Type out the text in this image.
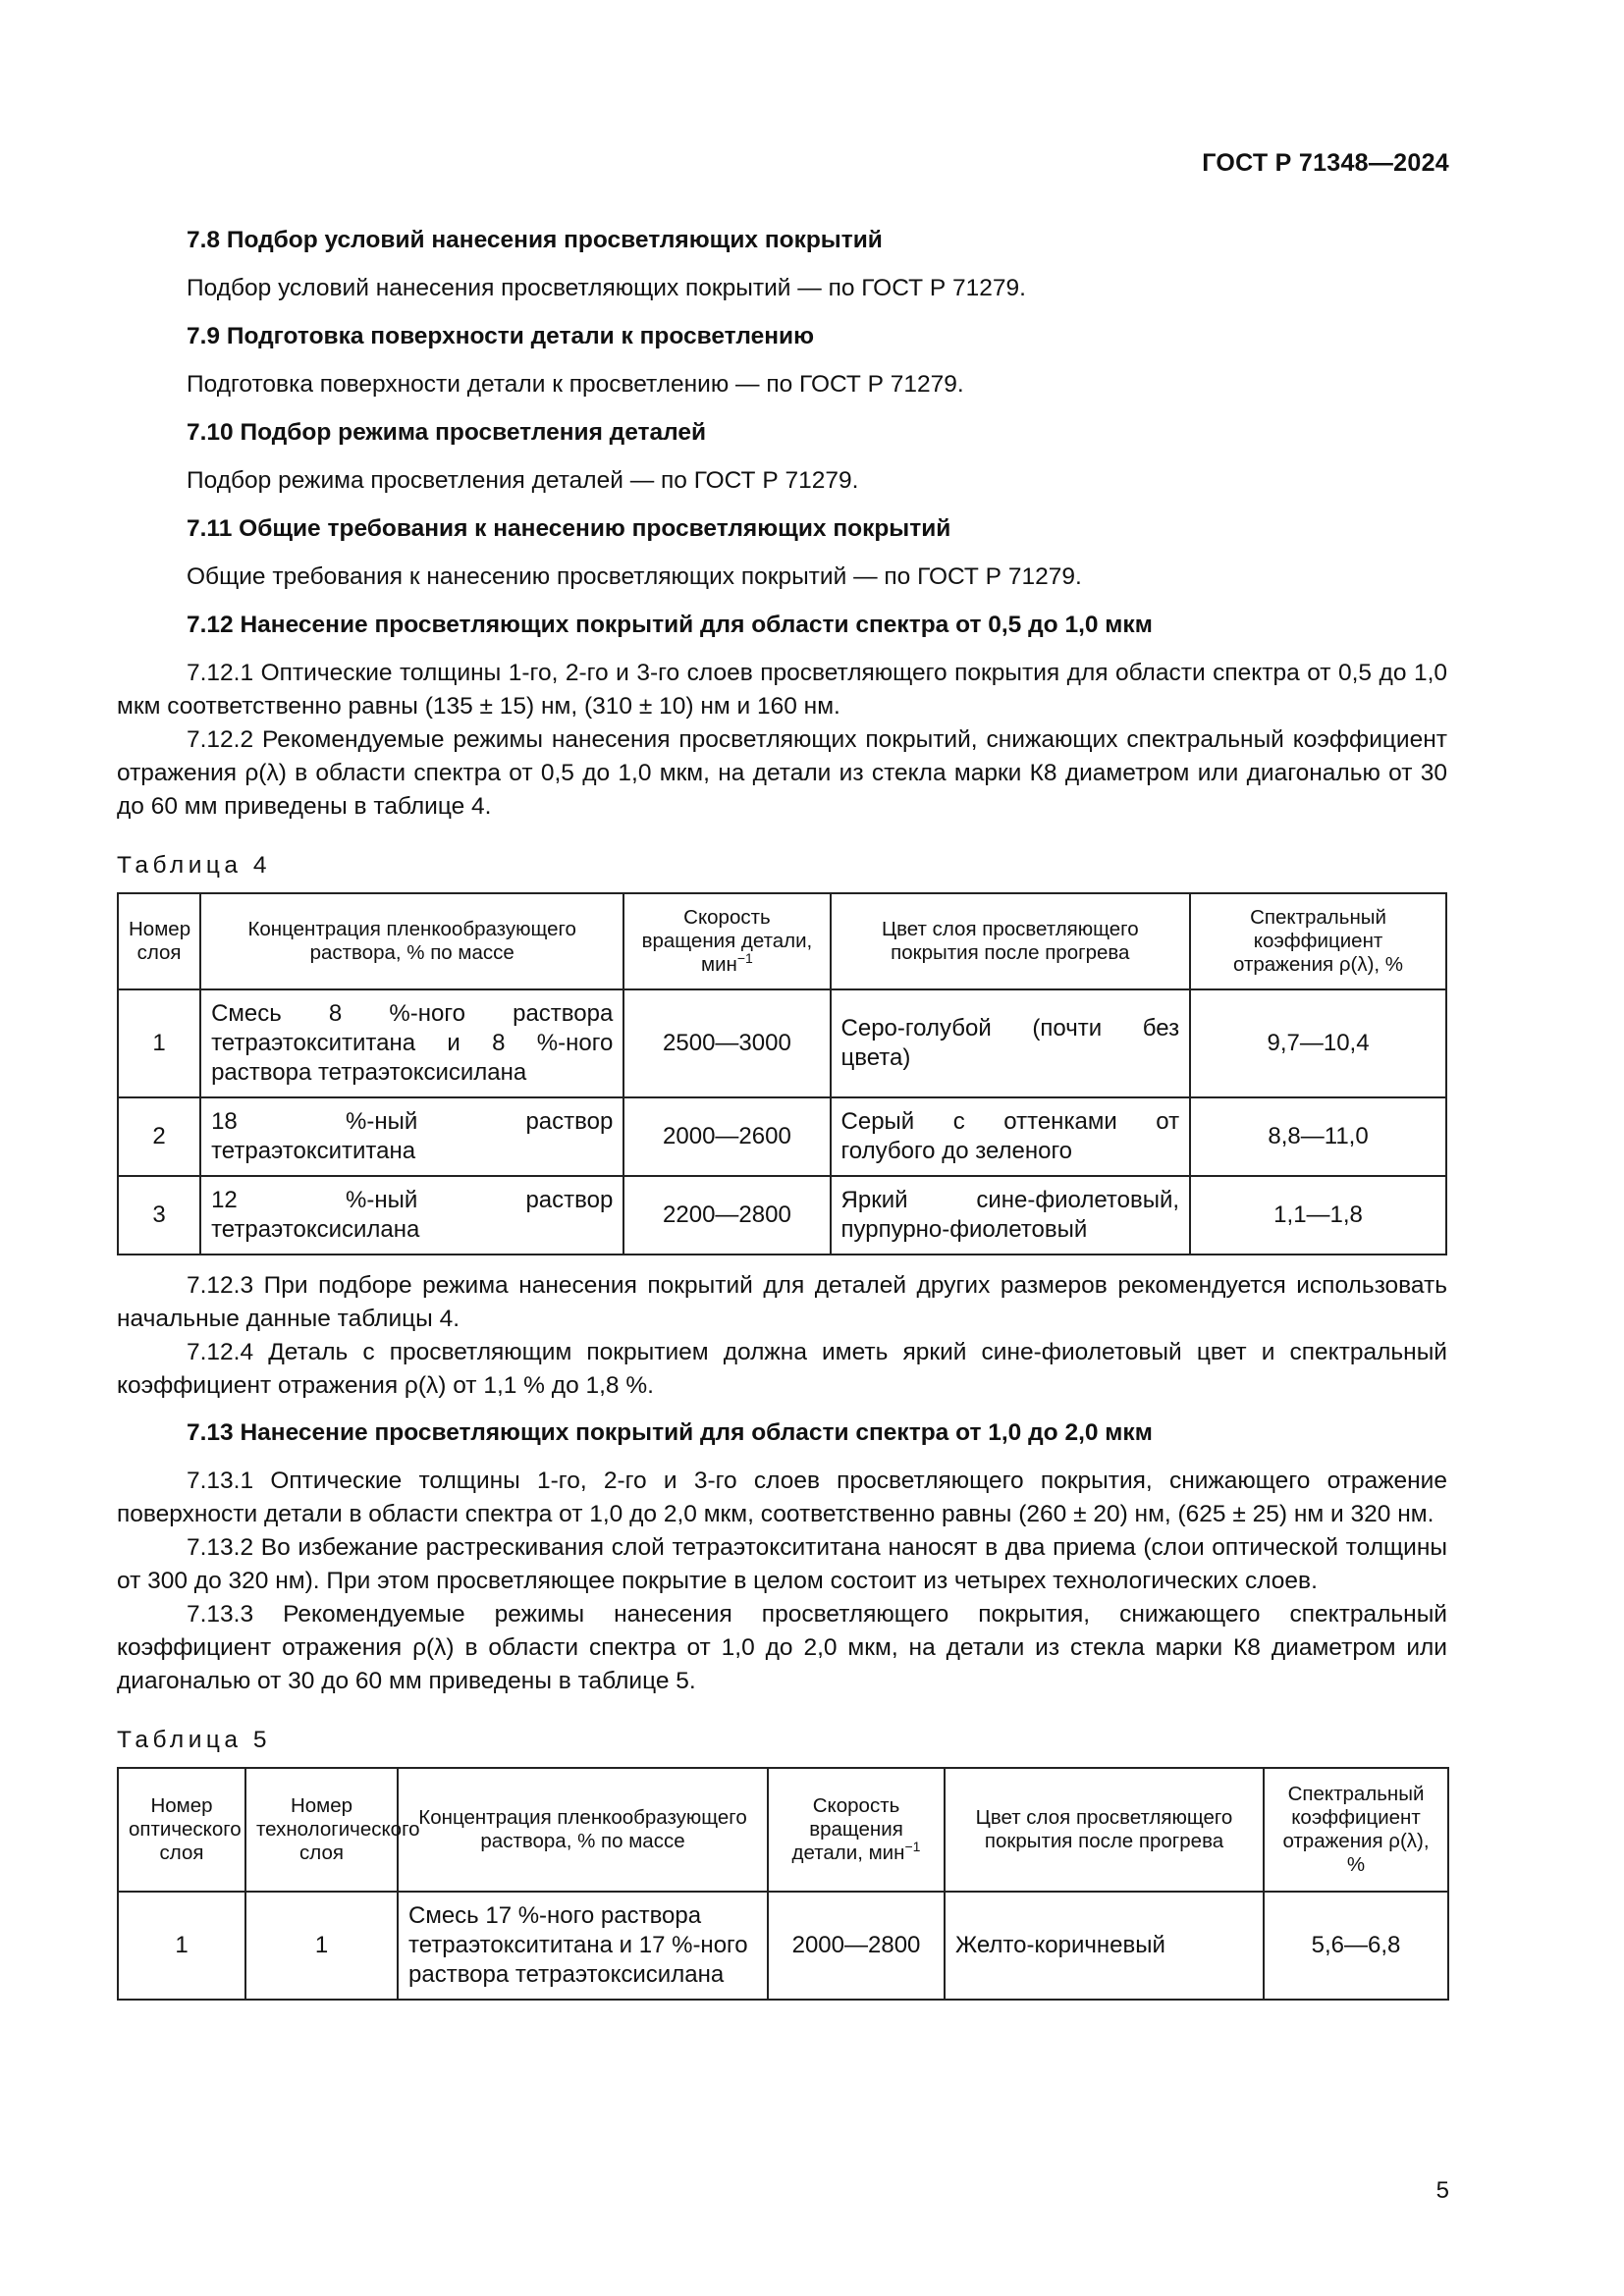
ГОСТ Р 71348—2024
7.8 Подбор условий нанесения просветляющих покрытий
Подбор условий нанесения просветляющих покрытий — по ГОСТ Р 71279.
7.9 Подготовка поверхности детали к просветлению
Подготовка поверхности детали к просветлению — по ГОСТ Р 71279.
7.10 Подбор режима просветления деталей
Подбор режима просветления деталей — по ГОСТ Р 71279.
7.11 Общие требования к нанесению просветляющих покрытий
Общие требования к нанесению просветляющих покрытий — по ГОСТ Р 71279.
7.12 Нанесение просветляющих покрытий для области спектра от 0,5 до 1,0 мкм
7.12.1 Оптические толщины 1-го, 2-го и 3-го слоев просветляющего покрытия для области спектра от 0,5 до 1,0 мкм соответственно равны (135 ± 15) нм, (310 ± 10) нм и 160 нм.
7.12.2 Рекомендуемые режимы нанесения просветляющих покрытий, снижающих спектральный коэффициент отражения ρ(λ) в области спектра от 0,5 до 1,0 мкм, на детали из стекла марки К8 диаметром или диагональю от 30 до 60 мм приведены в таблице 4.
Таблица 4
Номер слоя	Концентрация пленкообразующего раствора, % по массе	Скорость вращения детали, мин$^{-1}$	Цвет слоя просветляющего покрытия после прогрева	Спектральный коэффициент отражения ρ(λ), %
1	Смесь 8 %-ного раствора тетраэтоксититана и 8 %-ного раствора тетраэтоксисилана	2500—3000	Серо-голубой (почти без цвета)	9,7—10,4
2	18 %-ный раствор тетраэтоксититана	2000—2600	Серый с оттенками от голубого до зеленого	8,8—11,0
3	12 %-ный раствор тетраэтоксисилана	2200—2800	Яркий сине-фиолетовый, пурпурно-фиолетовый	1,1—1,8
7.12.3 При подборе режима нанесения покрытий для деталей других размеров рекомендуется использовать начальные данные таблицы 4.
7.12.4 Деталь с просветляющим покрытием должна иметь яркий сине-фиолетовый цвет и спектральный коэффициент отражения ρ(λ) от 1,1 % до 1,8 %.
7.13 Нанесение просветляющих покрытий для области спектра от 1,0 до 2,0 мкм
7.13.1 Оптические толщины 1-го, 2-го и 3-го слоев просветляющего покрытия, снижающего отражение поверхности детали в области спектра от 1,0 до 2,0 мкм, соответственно равны (260 ± 20) нм, (625 ± 25) нм и 320 нм.
7.13.2 Во избежание растрескивания слой тетраэтоксититана наносят в два приема (слои оптической толщины от 300 до 320 нм). При этом просветляющее покрытие в целом состоит из четырех технологических слоев.
7.13.3 Рекомендуемые режимы нанесения просветляющего покрытия, снижающего спектральный коэффициент отражения ρ(λ) в области спектра от 1,0 до 2,0 мкм, на детали из стекла марки К8 диаметром или диагональю от 30 до 60 мм приведены в таблице 5.
Таблица 5
Номер оптического слоя	Номер технологического слоя	Концентрация пленкообразующего раствора, % по массе	Скорость вращения детали, мин$^{-1}$	Цвет слоя просветляющего покрытия после прогрева	Спектральный коэффициент отражения ρ(λ), %
1	1	Смесь 17 %-ного раствора тетраэтоксититана и 17 %-ного раствора тетраэтоксисилана	2000—2800	Желто-коричневый	5,6—6,8
5
